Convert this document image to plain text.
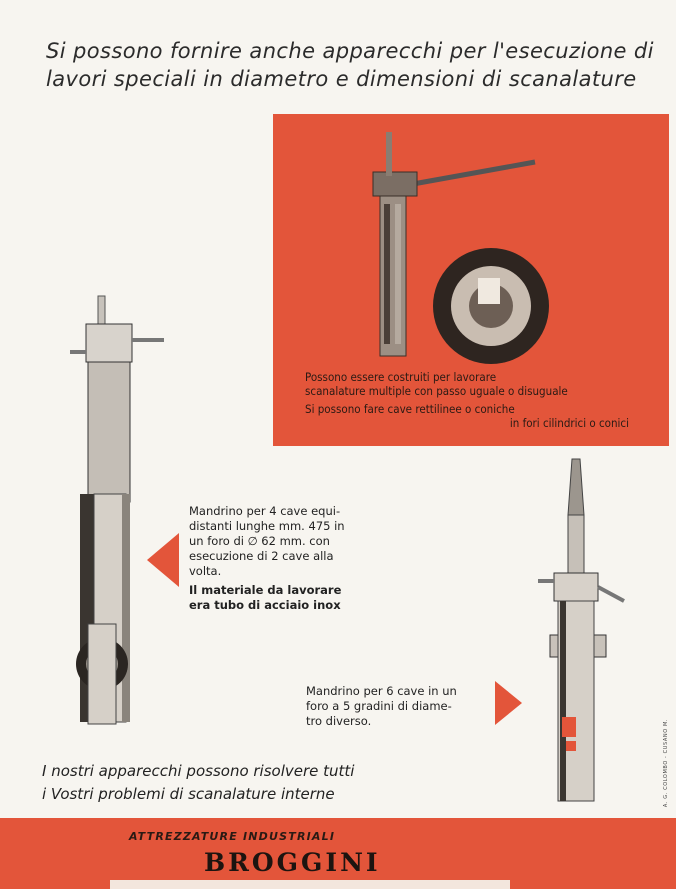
Si possono fornire anche apparecchi per l'esecuzione di
lavori speciali in diametro e dimensioni di scanalature
Possono essere costruiti per lavorare
scanalature multiple con passo uguale o disuguale
Si possono fare cave rettilinee o coniche
in fori cilindrici o conici
Mandrino per 4 cave equi-
distanti lunghe mm. 475 in
un foro di ∅ 62 mm. con
esecuzione di 2 cave alla
volta.
Il materiale da lavorare
era tubo di acciaio inox
Mandrino per 6 cave in un
foro a 5 gradini di diame-
tro diverso.
I nostri apparecchi possono risolvere tutti
i Vostri problemi di scanalature interne	A. G. COLOMBO - CUSANO M.
ATTREZZATURE INDUSTRIALI
BROGGINI
